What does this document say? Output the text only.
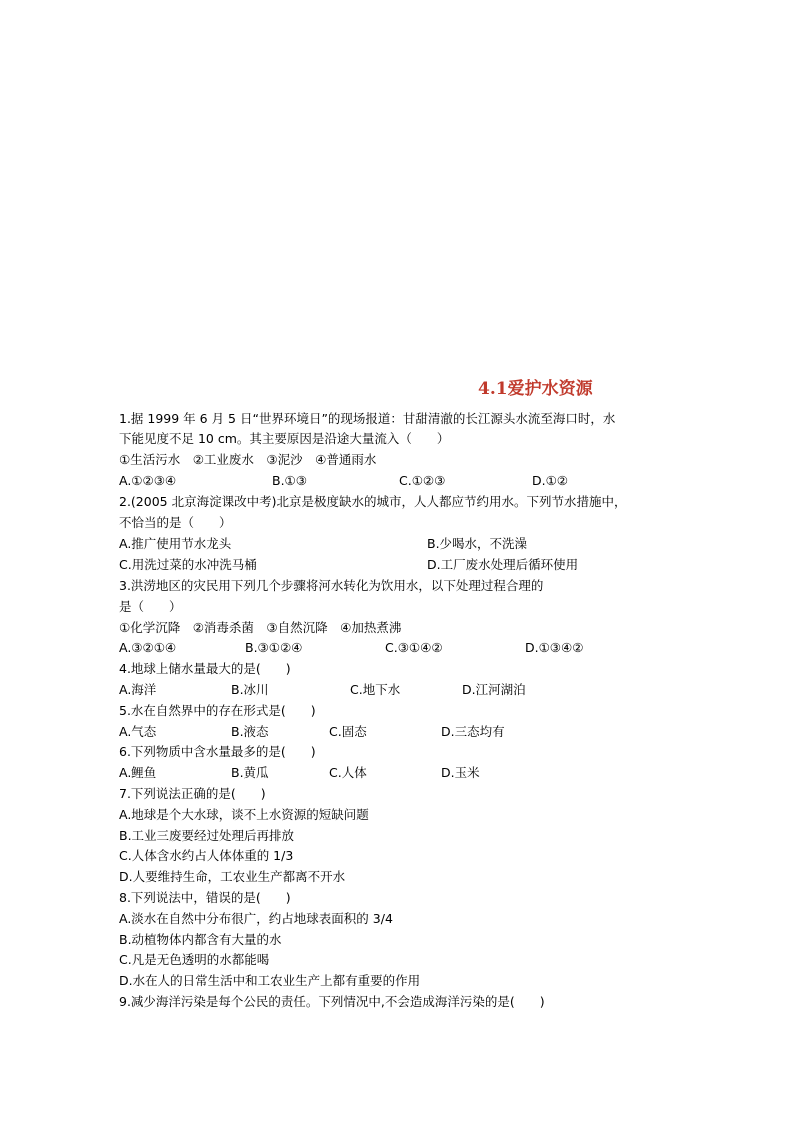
4.1爱护水资源
1.据 1999 年 6 月 5 日“世界环境日”的现场报道：甘甜清澈的长江源头水流至海口时，水
下能见度不足 10 cm。其主要原因是沿途大量流入（　　）
①生活污水　②工业废水　③泥沙　④普通雨水
A.①②③④	B.①③	C.①②③	D.①②
2.(2005 北京海淀课改中考)北京是极度缺水的城市，人人都应节约用水。下列节水措施中，
不恰当的是（　　）
A.推广使用节水龙头	B.少喝水，不洗澡
C.用洗过菜的水冲洗马桶	D.工厂废水处理后循环使用
3.洪涝地区的灾民用下列几个步骤将河水转化为饮用水，以下处理过程合理的
是（　　）
①化学沉降　②消毒杀菌　③自然沉降　④加热煮沸
A.③②①④	B.③①②④	C.③①④②	D.①③④②
4.地球上储水量最大的是(　　)
A.海洋	B.冰川	C.地下水	D.江河湖泊
5.水在自然界中的存在形式是(　　)
A.气态	B.液态	C.固态	D.三态均有
6.下列物质中含水量最多的是(　　)
A.鲤鱼	B.黄瓜	C.人体	D.玉米
7.下列说法正确的是(　　)
A.地球是个大水球，谈不上水资源的短缺问题
B.工业三废要经过处理后再排放
C.人体含水约占人体体重的 1/3
D.人要维持生命，工农业生产都离不开水
8.下列说法中，错误的是(　　)
A.淡水在自然中分布很广，约占地球表面积的 3/4
B.动植物体内都含有大量的水
C.凡是无色透明的水都能喝
D.水在人的日常生活中和工农业生产上都有重要的作用
9.减少海洋污染是每个公民的责任。下列情况中,不会造成海洋污染的是(　　)
